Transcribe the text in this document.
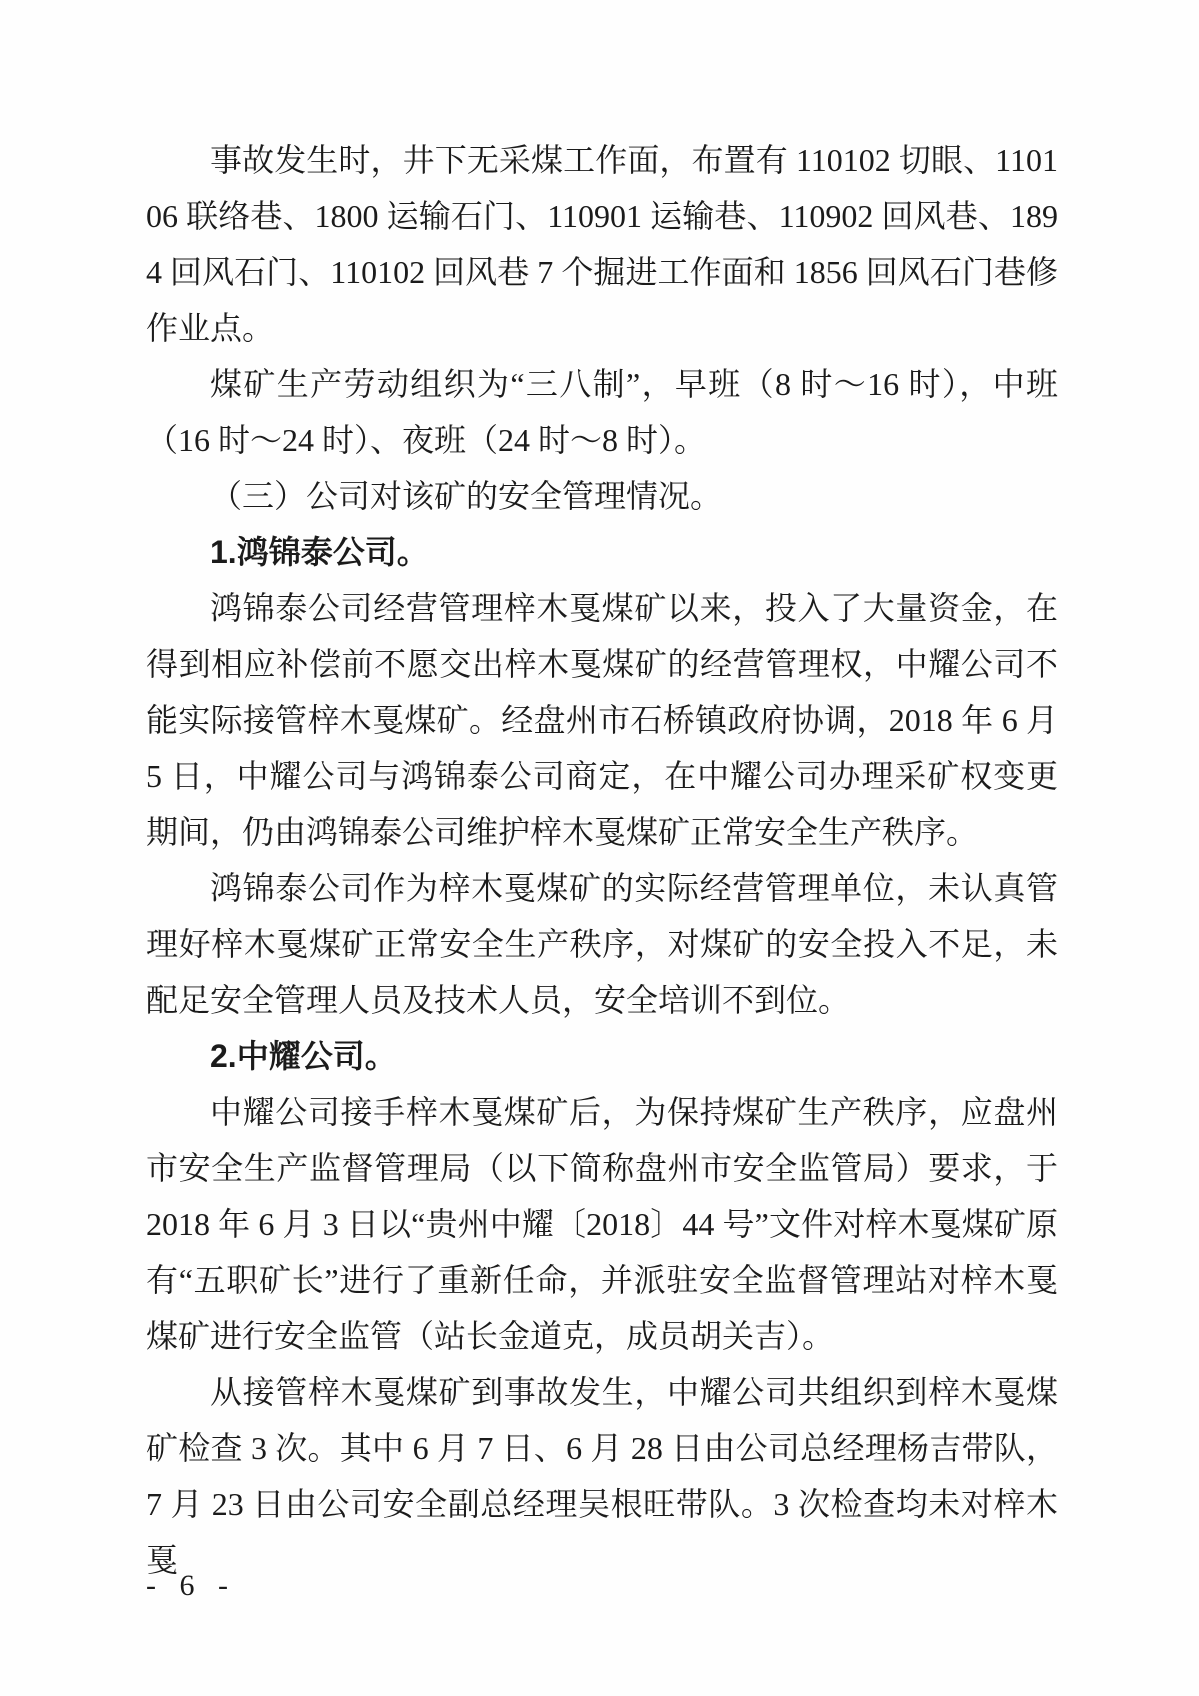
事故发生时，井下无采煤工作面，布置有 110102 切眼、110106 联络巷、1800 运输石门、110901 运输巷、110902 回风巷、1894 回风石门、110102 回风巷 7 个掘进工作面和 1856 回风石门巷修作业点。

煤矿生产劳动组织为“三八制”，早班（8 时～16 时），中班（16 时～24 时）、夜班（24 时～8 时）。

（三）公司对该矿的安全管理情况。

1.鸿锦泰公司。

鸿锦泰公司经营管理梓木戛煤矿以来，投入了大量资金，在得到相应补偿前不愿交出梓木戛煤矿的经营管理权，中耀公司不能实际接管梓木戛煤矿。经盘州市石桥镇政府协调，2018 年 6 月 5 日，中耀公司与鸿锦泰公司商定，在中耀公司办理采矿权变更期间，仍由鸿锦泰公司维护梓木戛煤矿正常安全生产秩序。

鸿锦泰公司作为梓木戛煤矿的实际经营管理单位，未认真管理好梓木戛煤矿正常安全生产秩序，对煤矿的安全投入不足，未配足安全管理人员及技术人员，安全培训不到位。

2.中耀公司。

中耀公司接手梓木戛煤矿后，为保持煤矿生产秩序，应盘州市安全生产监督管理局（以下简称盘州市安全监管局）要求，于 2018 年 6 月 3 日以“贵州中耀〔2018〕44 号”文件对梓木戛煤矿原有“五职矿长”进行了重新任命，并派驻安全监督管理站对梓木戛煤矿进行安全监管（站长金道克，成员胡关吉）。

从接管梓木戛煤矿到事故发生，中耀公司共组织到梓木戛煤矿检查 3 次。其中 6 月 7 日、6 月 28 日由公司总经理杨吉带队，7 月 23 日由公司安全副总经理吴根旺带队。3 次检查均未对梓木戛

- 6 -
